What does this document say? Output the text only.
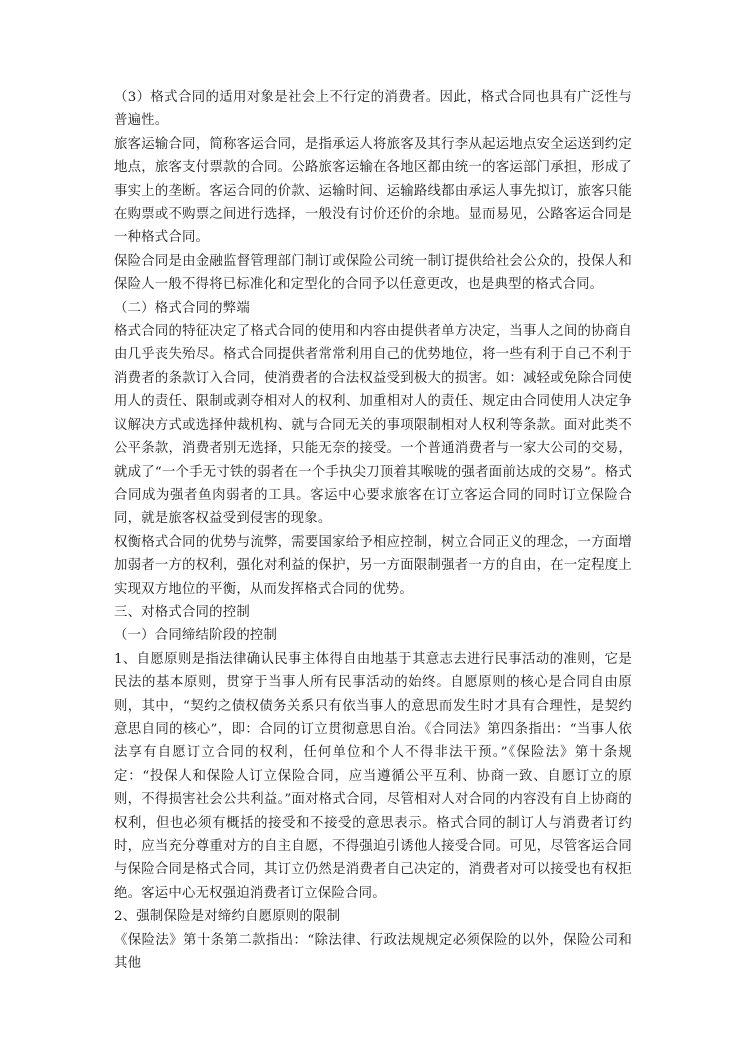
（3）格式合同的适用对象是社会上不行定的消费者。因此，格式合同也具有广泛性与普遍性。

旅客运输合同，简称客运合同，是指承运人将旅客及其行李从起运地点安全运送到约定地点，旅客支付票款的合同。公路旅客运输在各地区都由统一的客运部门承担，形成了事实上的垄断。客运合同的价款、运输时间、运输路线都由承运人事先拟订，旅客只能在购票或不购票之间进行选择，一般没有讨价还价的余地。显而易见，公路客运合同是一种格式合同。

保险合同是由金融监督管理部门制订或保险公司统一制订提供给社会公众的，投保人和保险人一般不得将已标准化和定型化的合同予以任意更改，也是典型的格式合同。

（二）格式合同的弊端

格式合同的特征决定了格式合同的使用和内容由提供者单方决定，当事人之间的协商自由几乎丧失殆尽。格式合同提供者常常利用自己的优势地位，将一些有利于自己不利于消费者的条款订入合同，使消费者的合法权益受到极大的损害。如：减轻或免除合同使用人的责任、限制或剥夺相对人的权利、加重相对人的责任、规定由合同使用人决定争议解决方式或选择仲裁机构、就与合同无关的事项限制相对人权利等条款。面对此类不公平条款，消费者别无选择，只能无奈的接受。一个普通消费者与一家大公司的交易，就成了“一个手无寸铁的弱者在一个手执尖刀顶着其喉咙的强者面前达成的交易”。格式合同成为强者鱼肉弱者的工具。客运中心要求旅客在订立客运合同的同时订立保险合同，就是旅客权益受到侵害的现象。

权衡格式合同的优势与流弊，需要国家给予相应控制，树立合同正义的理念，一方面增加弱者一方的权利，强化对利益的保护，另一方面限制强者一方的自由，在一定程度上实现双方地位的平衡，从而发挥格式合同的优势。

三、对格式合同的控制

（一）合同缔结阶段的控制

1、自愿原则是指法律确认民事主体得自由地基于其意志去进行民事活动的准则，它是民法的基本原则，贯穿于当事人所有民事活动的始终。自愿原则的核心是合同自由原则，其中，“契约之债权债务关系只有依当事人的意思而发生时才具有合理性，是契约意思自同的核心”，即：合同的订立贯彻意思自治。《合同法》第四条指出：“当事人依法享有自愿订立合同的权利，任何单位和个人不得非法干预。”《保险法》第十条规定：“投保人和保险人订立保险合同，应当遵循公平互利、协商一致、自愿订立的原则，不得损害社会公共利益。”面对格式合同，尽管相对人对合同的内容没有自上协商的权利，但也必须有概括的接受和不接受的意思表示。格式合同的制订人与消费者订约时，应当充分尊重对方的自主自愿，不得强迫引诱他人接受合同。可见，尽管客运合同与保险合同是格式合同，其订立仍然是消费者自己决定的，消费者对可以接受也有权拒绝。客运中心无权强迫消费者订立保险合同。

2、强制保险是对缔约自愿原则的限制

《保险法》第十条第二款指出：“除法律、行政法规规定必须保险的以外，保险公司和其他
